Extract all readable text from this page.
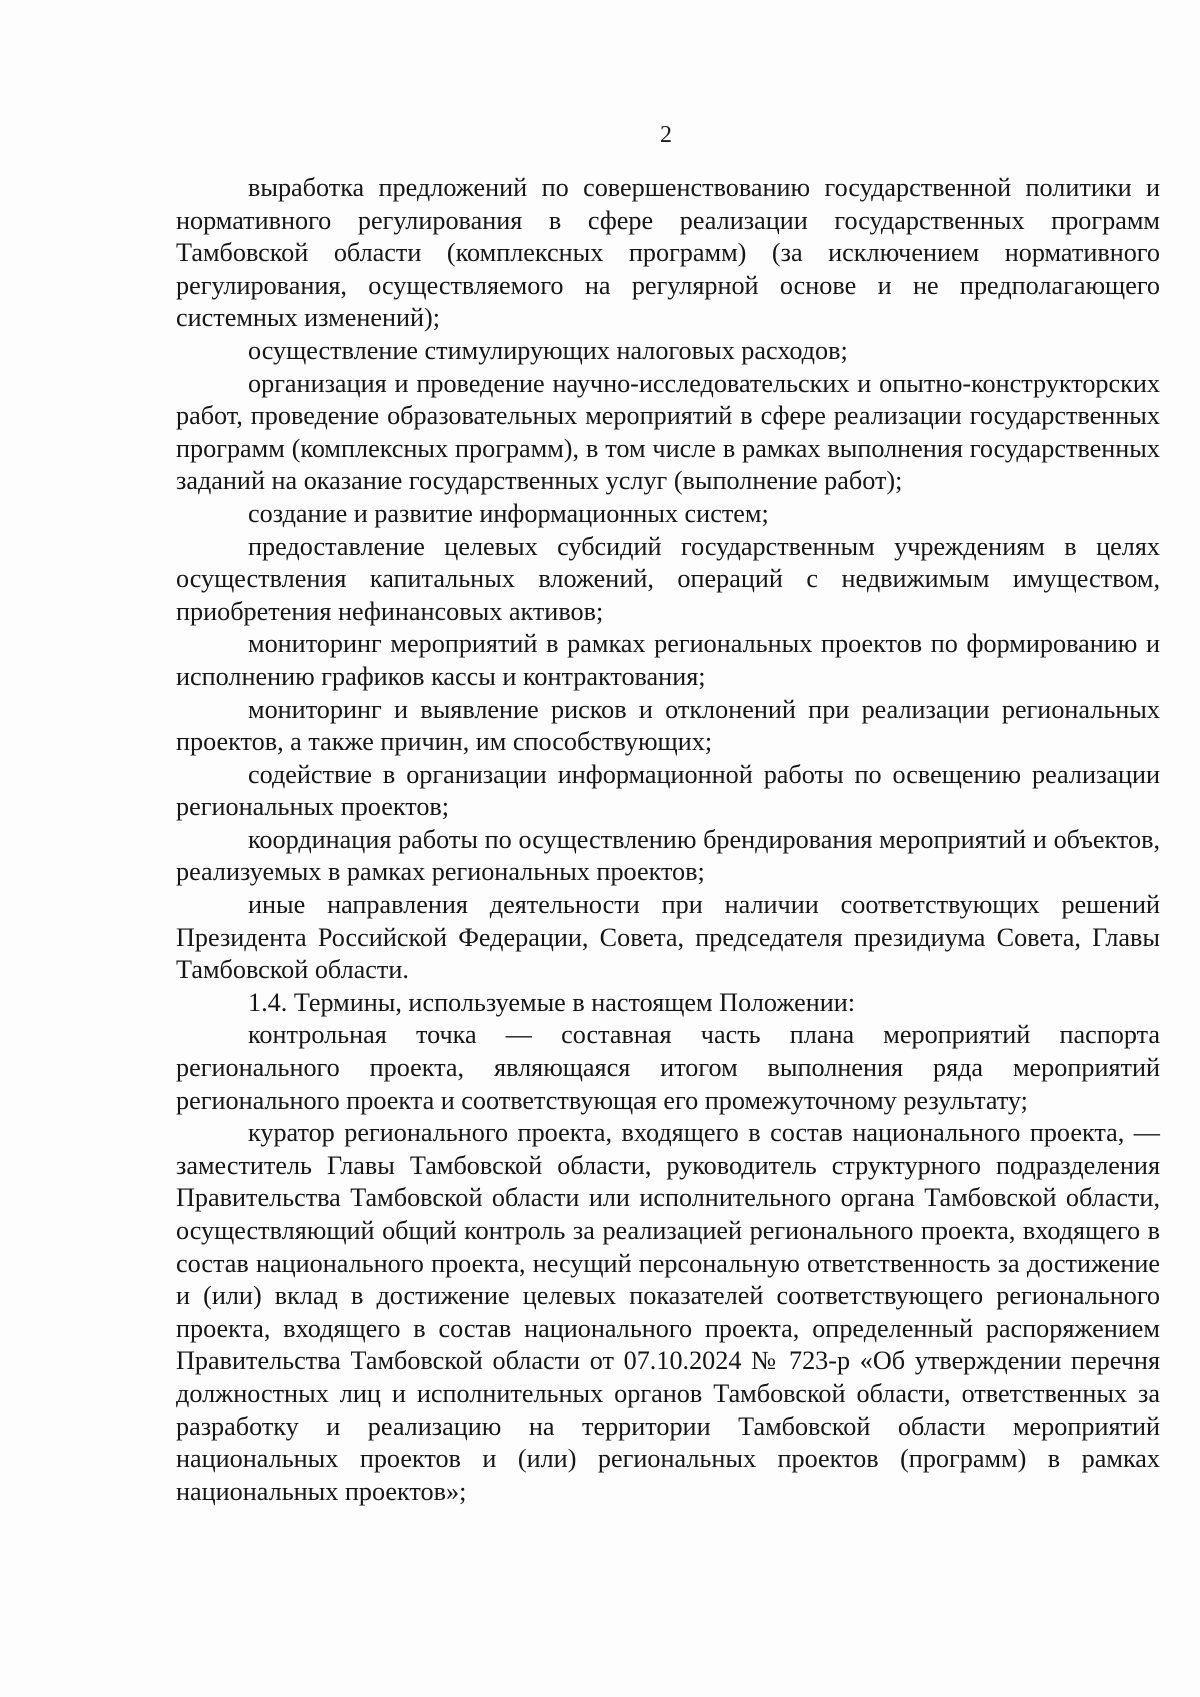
2

выработка предложений по совершенствованию государственной политики и нормативного регулирования в сфере реализации государственных программ Тамбовской области (комплексных программ) (за исключением нормативного регулирования, осуществляемого на регулярной основе и не предполагающего системных изменений);

осуществление стимулирующих налоговых расходов;

организация и проведение научно-исследовательских и опытно-конструкторских работ, проведение образовательных мероприятий в сфере реализации государственных программ (комплексных программ), в том числе в рамках выполнения государственных заданий на оказание государственных услуг (выполнение работ);

создание и развитие информационных систем;

предоставление целевых субсидий государственным учреждениям в целях осуществления капитальных вложений, операций с недвижимым имуществом, приобретения нефинансовых активов;

мониторинг мероприятий в рамках региональных проектов по формированию и исполнению графиков кассы и контрактования;

мониторинг и выявление рисков и отклонений при реализации региональных проектов, а также причин, им способствующих;

содействие в организации информационной работы по освещению реализации региональных проектов;

координация работы по осуществлению брендирования мероприятий и объектов, реализуемых в рамках региональных проектов;

иные направления деятельности при наличии соответствующих решений Президента Российской Федерации, Совета, председателя президиума Совета, Главы Тамбовской области.

1.4. Термины, используемые в настоящем Положении:

контрольная точка — составная часть плана мероприятий паспорта регионального проекта, являющаяся итогом выполнения ряда мероприятий регионального проекта и соответствующая его промежуточному результату;

куратор регионального проекта, входящего в состав национального проекта, — заместитель Главы Тамбовской области, руководитель структурного подразделения Правительства Тамбовской области или исполнительного органа Тамбовской области, осуществляющий общий контроль за реализацией регионального проекта, входящего в состав национального проекта, несущий персональную ответственность за достижение и (или) вклад в достижение целевых показателей соответствующего регионального проекта, входящего в состав национального проекта, определенный распоряжением Правительства Тамбовской области от 07.10.2024 № 723-р «Об утверждении перечня должностных лиц и исполнительных органов Тамбовской области, ответственных за разработку и реализацию на территории Тамбовской области мероприятий национальных проектов и (или) региональных проектов (программ) в рамках национальных проектов»;
